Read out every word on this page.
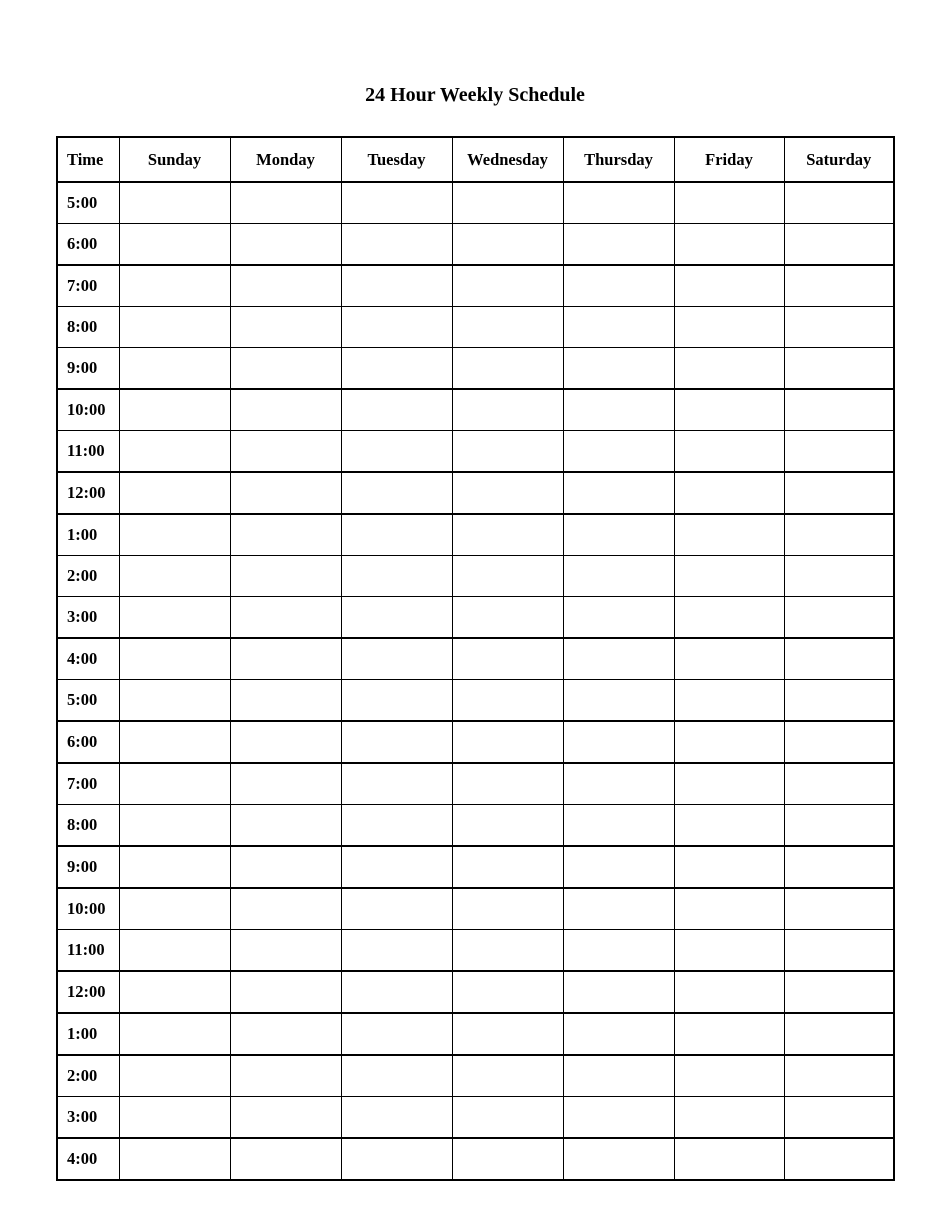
24 Hour Weekly Schedule
Time	Sunday	Monday	Tuesday	Wednesday	Thursday	Friday	Saturday
5:00							
6:00							
7:00							
8:00							
9:00							
10:00							
11:00							
12:00							
1:00							
2:00							
3:00							
4:00							
5:00							
6:00							
7:00							
8:00							
9:00							
10:00							
11:00							
12:00							
1:00							
2:00							
3:00							
4:00							
